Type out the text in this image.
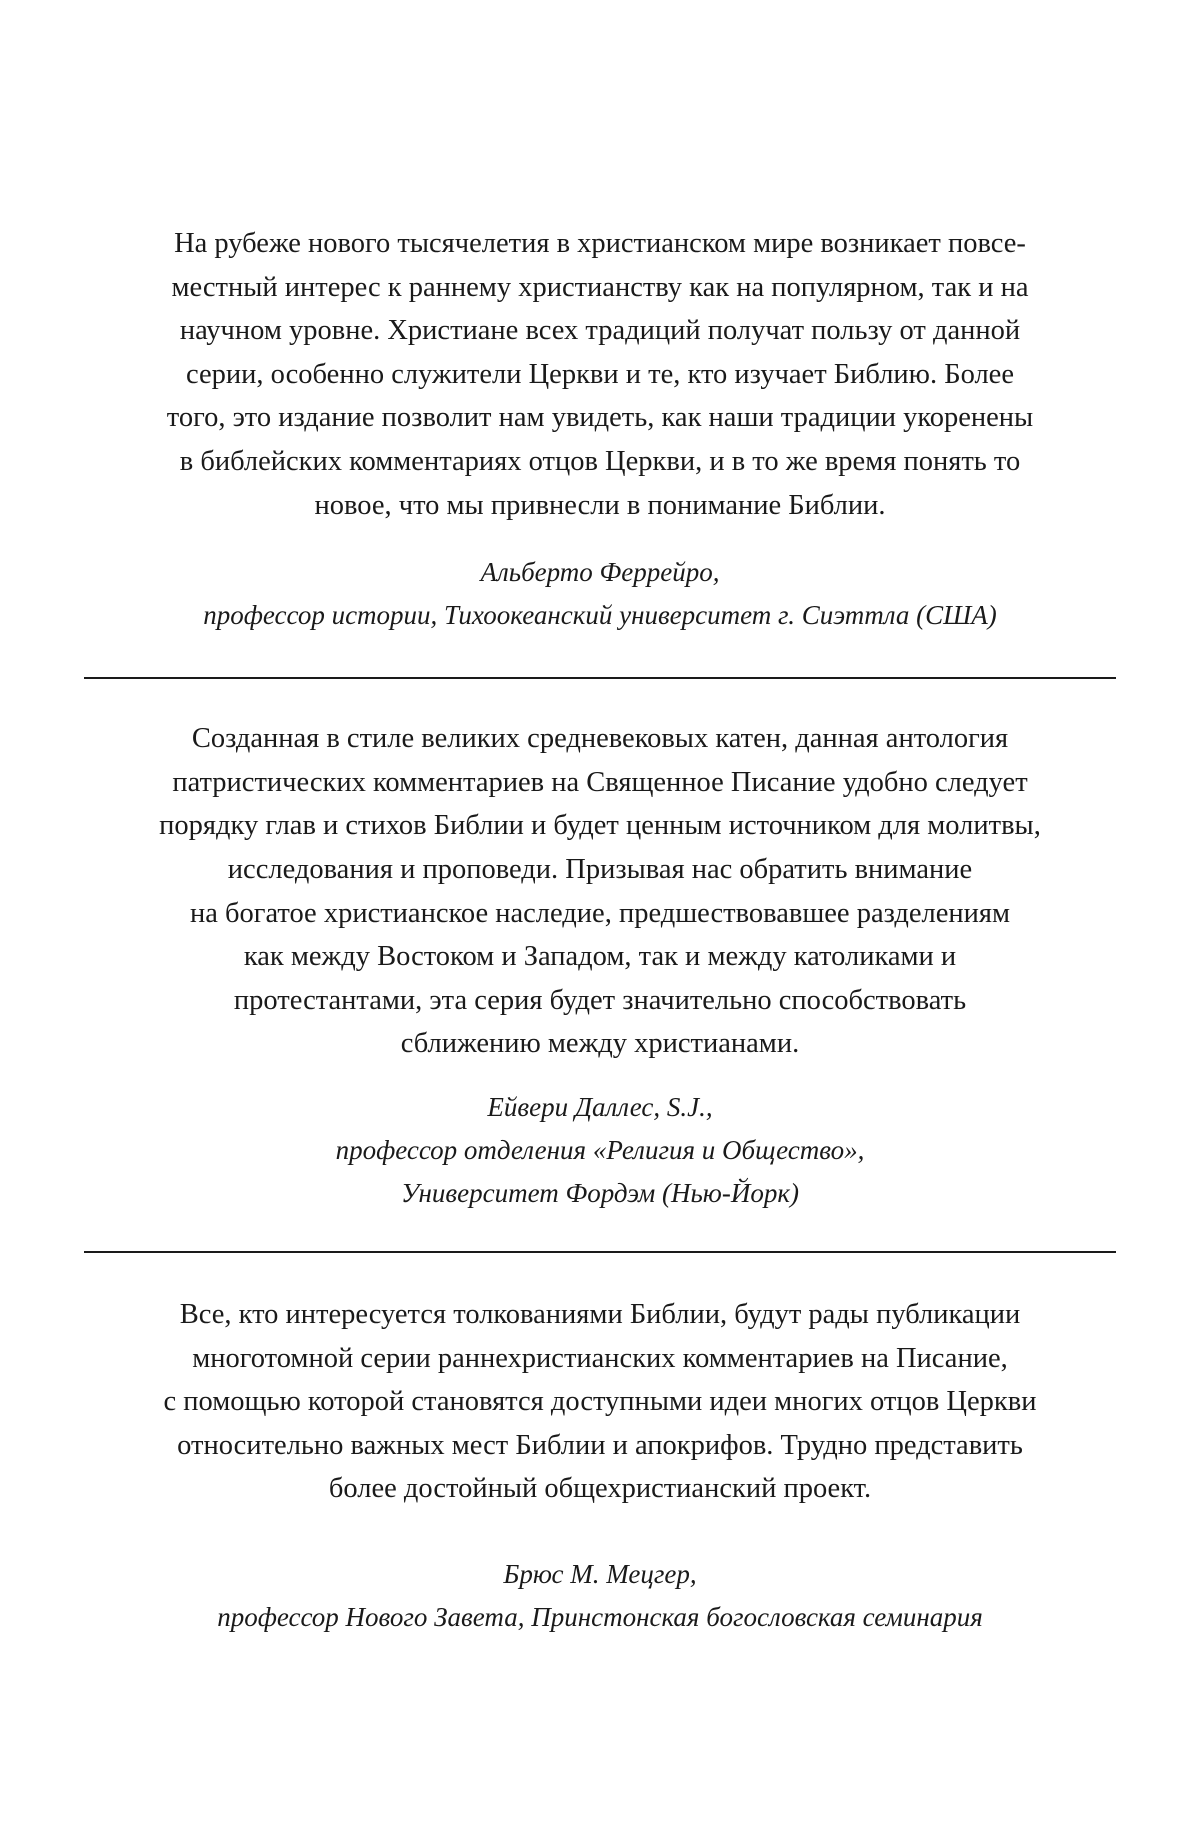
На рубеже нового тысячелетия в христианском мире возникает повсе-
местный интерес к раннему христианству как на популярном, так и на
научном уровне. Христиане всех традиций получат пользу от данной
серии, особенно служители Церкви и те, кто изучает Библию. Более
того, это издание позволит нам увидеть, как наши традиции укоренены
в библейских комментариях отцов Церкви, и в то же время понять то
новое, что мы привнесли в понимание Библии.

Альберто Феррейро,
профессор истории, Тихоокеанский университет г. Сиэттла (США)

Созданная в стиле великих средневековых катен, данная антология
патристических комментариев на Священное Писание удобно следует
порядку глав и стихов Библии и будет ценным источником для молитвы,
исследования и проповеди. Призывая нас обратить внимание
на богатое христианское наследие, предшествовавшее разделениям
как между Востоком и Западом, так и между католиками и
протестантами, эта серия будет значительно способствовать
сближению между христианами.

Ейвери Даллес, S.J.,
профессор отделения «Религия и Общество»,
Университет Фордэм (Нью-Йорк)

Все, кто интересуется толкованиями Библии, будут рады публикации
многотомной серии раннехристианских комментариев на Писание,
с помощью которой становятся доступными идеи многих отцов Церкви
относительно важных мест Библии и апокрифов. Трудно представить
более достойный общехристианский проект.

Брюс М. Мецгер,
профессор Нового Завета, Принстонская богословская семинария
